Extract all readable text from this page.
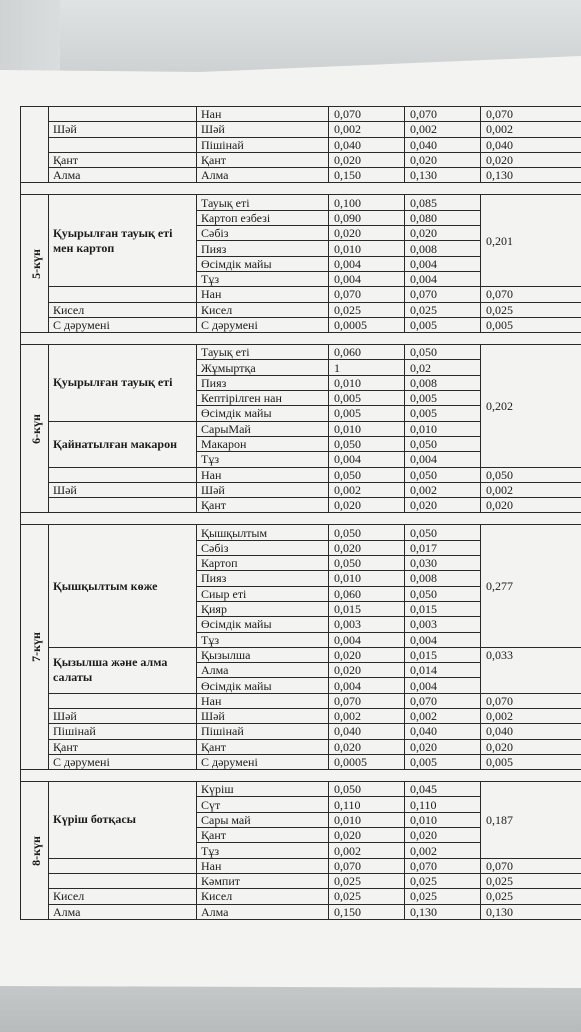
		Нан	0,070	0,070	0,070
	Шәй	Шәй	0,002	0,002	0,002
		Пішінай	0,040	0,040	0,040
	Қант	Қант	0,020	0,020	0,020
	Алма	Алма	0,150	0,130	0,130

5-күн	Қуырылған тауық еті мен картоп	Тауық еті	0,100	0,085	0,201
		Картоп езбезі	0,090	0,080	
		Сәбіз	0,020	0,020	
		Пияз	0,010	0,008	
		Өсімдік майы	0,004	0,004	
		Тұз	0,004	0,004	
		Нан	0,070	0,070	0,070
	Кисел	Кисел	0,025	0,025	0,025
	С дәрумені	С дәрумені	0,0005	0,005	0,005

6-күн	Қуырылған тауық еті	Тауық еті	0,060	0,050	0,202
		Жұмыртқа	1	0,02	
		Пияз	0,010	0,008	
		Кептірілген нан	0,005	0,005	
		Өсімдік майы	0,005	0,005	
	Қайнатылған макарон	СарыМай	0,010	0,010	
		Макарон	0,050	0,050	
		Тұз	0,004	0,004	
		Нан	0,050	0,050	0,050
	Шәй	Шәй	0,002	0,002	0,002
		Қант	0,020	0,020	0,020

7-күн	Қышқылтым көже	Қышқылтым	0,050	0,050	0,277
		Сәбіз	0,020	0,017	
		Картоп	0,050	0,030	
		Пияз	0,010	0,008	
		Сиыр еті	0,060	0,050	
		Қияр	0,015	0,015	
		Өсімдік майы	0,003	0,003	
		Тұз	0,004	0,004	
	Қызылша және алма салаты	Қызылша	0,020	0,015	0,033
		Алма	0,020	0,014	
		Өсімдік майы	0,004	0,004	
		Нан	0,070	0,070	0,070
	Шәй	Шәй	0,002	0,002	0,002
	Пішінай	Пішінай	0,040	0,040	0,040
	Қант	Қант	0,020	0,020	0,020
	С дәрумені	С дәрумені	0,0005	0,005	0,005

8-күн	Күріш ботқасы	Күріш	0,050	0,045	0,187
		Сүт	0,110	0,110	
		Сары май	0,010	0,010	
		Қант	0,020	0,020	
		Тұз	0,002	0,002	
		Нан	0,070	0,070	0,070
		Кәмпит	0,025	0,025	0,025
	Кисел	Кисел	0,025	0,025	0,025
	Алма	Алма	0,150	0,130	0,130
